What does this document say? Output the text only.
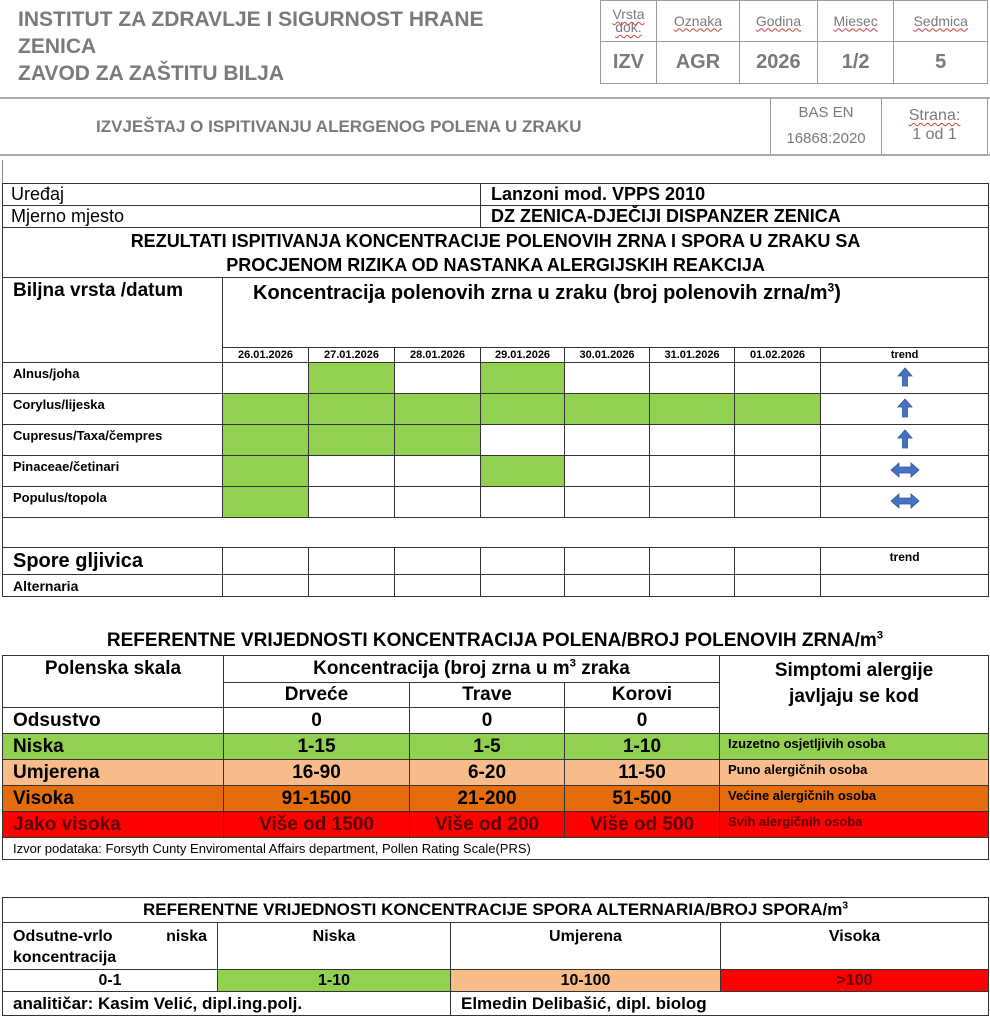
INSTITUT ZA ZDRAVLJE I SIGURNOST HRANE
ZENICA
ZAVOD ZA ZAŠTITU BILJA
Vrsta
dok.	Oznaka	Godina	Miesec	Sedmica
IZV	AGR	2026	1/2	5
IZVJEŠTAJ O ISPITIVANJU ALERGENOG POLENA U ZRAKU
BAS EN
16868:2020
Strana:
1 od 1
Uređaj				Lanzoni mod. VPPS 2010				
Mjerno mjesto				DZ ZENICA-DJEČIJI DISPANZER ZENICA				

REZULTATI ISPITIVANJA KONCENTRACIJE POLENOVIH ZRNA I SPORA U ZRAKU SA
PROCJENOM RIZIKA OD NASTANKA ALERGIJSKIH REAKCIJA								

Biljna vrsta /datum	Koncentracija polenovih zrna u zraku (broj polenovih zrna/$m^3$)							
	26.01.2026	27.01.2026	28.01.2026	29.01.2026	30.01.2026	31.01.2026	01.02.2026	trend
Alnus/joha								
Corylus/lijeska								
Cupresus/Taxa/čempres								
Pinaceae/četinari								
Populus/topola								

Spore gljivica								trend
Alternaria								
REFERENTNE VRIJEDNOSTI KONCENTRACIJA POLENA/BROJ POLENOVIH ZRNA/$m^3$
Polenska skala	Koncentracija (broj zrna u $m^3$ zraka			Simptomi alergije
javljaju se kod

	Drveće	Trave	Korovi	
Odsustvo	0	0	0	
Niska	1-15	1-5	1-10	Izuzetno osjetljivih osoba
Umjerena	16-90	6-20	11-50	Puno alergičnih osoba
Visoka	91-1500	21-200	51-500	Većine alergičnih osoba
Jako visoka	Više od 1500	Više od 200	Više od 500	Svih alergičnih osoba
Izvor podataka: Forsyth Cunty Enviromental Affairs department, Pollen Rating Scale(PRS)				
REFERENTNE VRIJEDNOSTI KONCENTRACIJE SPORA ALTERNARIA/BROJ SPORA/$m^3$
Odsutne-vrlo niska koncentracija	Niska	Umjerena	Visoka
0-1	1-10	10-100	>100
analitičar: Kasim Velić, dipl.ing.polj.		Elmedin Delibašić, dipl. biolog	
